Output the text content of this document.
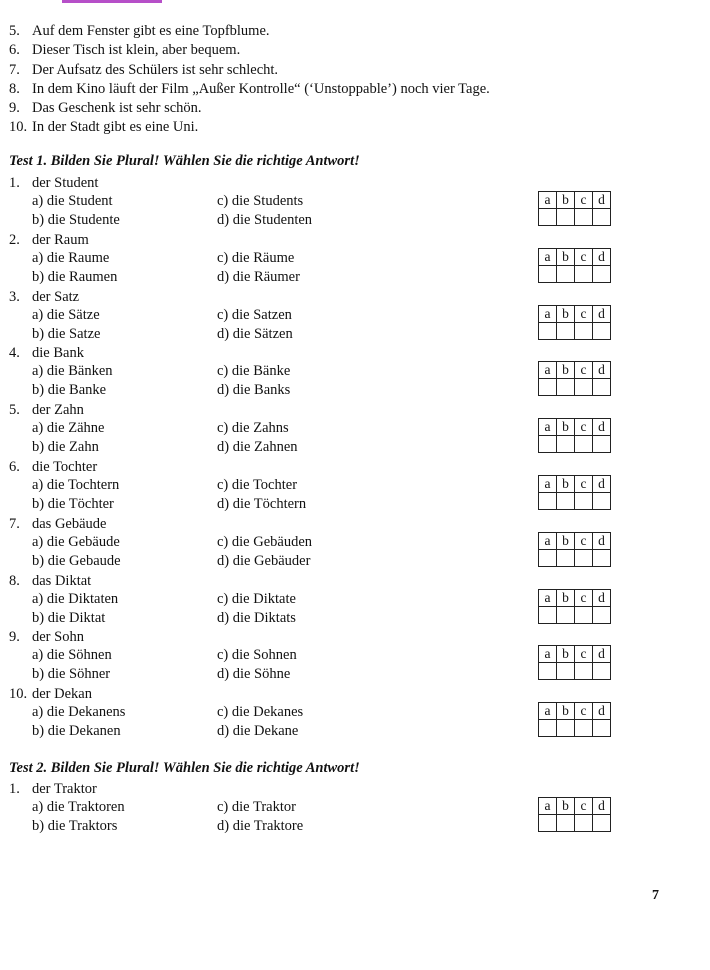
5. Auf dem Fenster gibt es eine Topfblume.
6. Dieser Tisch ist klein, aber bequem.
7. Der Aufsatz des Schülers ist sehr schlecht.
8. In dem Kino läuft der Film „Außer Kontrolle“ (‘Unstoppable’) noch vier Tage.
9. Das Geschenk ist sehr schön.
10. In der Stadt gibt es eine Uni.
Test 1. Bilden Sie Plural! Wählen Sie die richtige Antwort!
1. der Student
a) die Student
b) die Studente
c) die Students
d) die Studenten
a	b	c	d

2. der Raum
a) die Raume
b) die Raumen
c) die Räume
d) die Räumer
a	b	c	d

3. der Satz
a) die Sätze
b) die Satze
c) die Satzen
d) die Sätzen
a	b	c	d

4. die Bank
a) die Bänken
b) die Banke
c) die Bänke
d) die Banks
a	b	c	d

5. der Zahn
a) die Zähne
b) die Zahn
c) die Zahns
d) die Zahnen
a	b	c	d

6. die Tochter
a) die Tochtern
b) die Töchter
c) die Tochter
d) die Töchtern
a	b	c	d

7. das Gebäude
a) die Gebäude
b) die Gebaude
c) die Gebäuden
d) die Gebäuder
a	b	c	d

8. das Diktat
a) die Diktaten
b) die Diktat
c) die Diktate
d) die Diktats
a	b	c	d

9. der Sohn
a) die Söhnen
b) die Söhner
c) die Sohnen
d) die Söhne
a	b	c	d

10. der Dekan
a) die Dekanens
b) die Dekanen
c) die Dekanes
d) die Dekane
a	b	c	d

Test 2. Bilden Sie Plural! Wählen Sie die richtige Antwort!
1. der Traktor
a) die Traktoren
b) die Traktors
c) die Traktor
d) die Traktore
a	b	c	d

7
